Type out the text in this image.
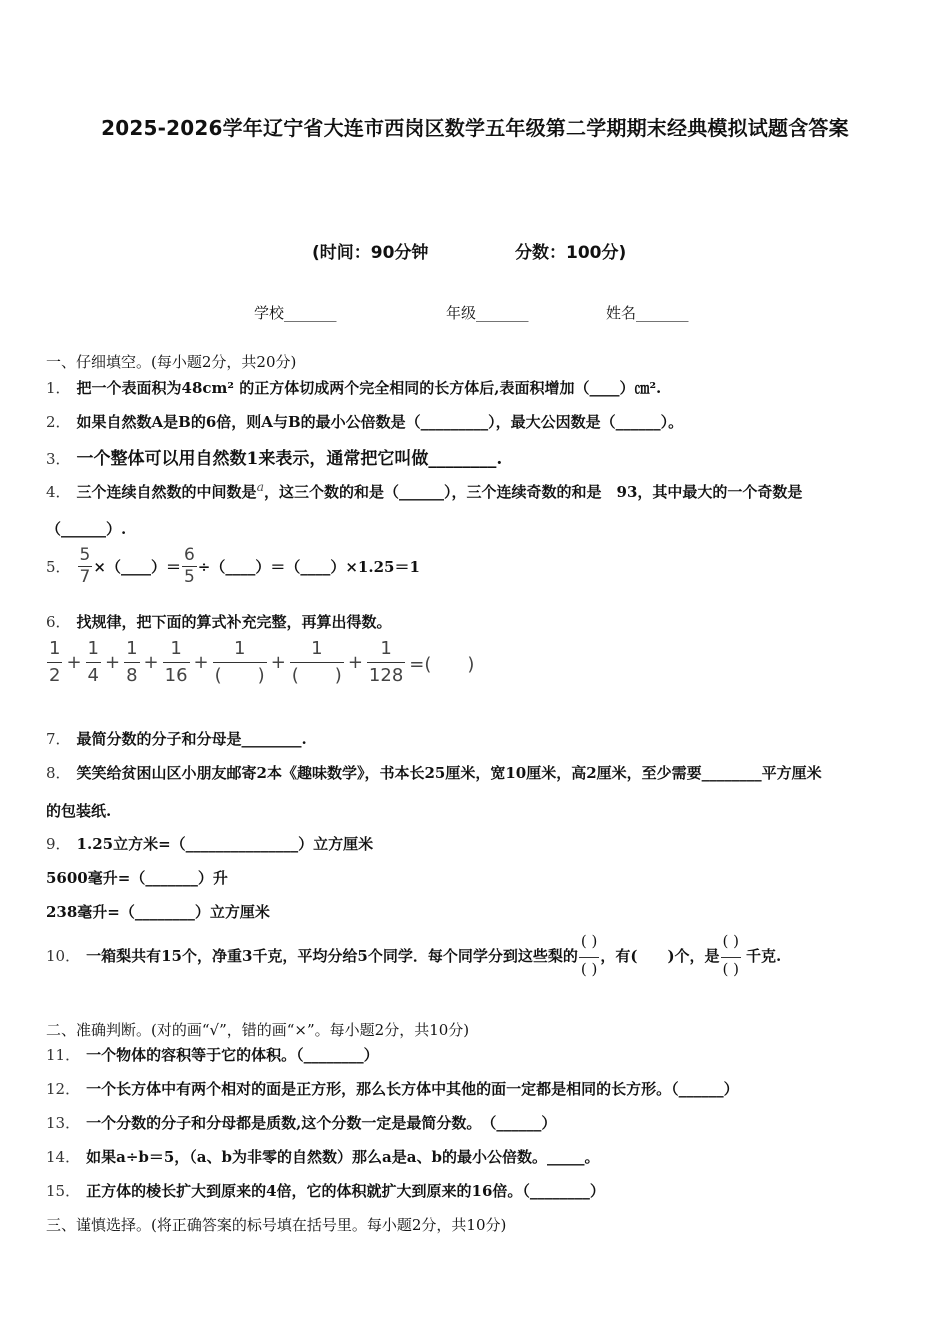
2025-2026学年辽宁省大连市西岗区数学五年级第二学期期末经典模拟试题含答案
(时间：90分钟	分数：100分)
学校_______	年级_______	姓名_______
一、仔细填空。(每小题2分，共20分)
1． 把一个表面积为48cm² 的正方体切成两个完全相同的长方体后,表面积增加（____）㎝².
2． 如果自然数A是B的6倍，则A与B的最小公倍数是（_________），最大公因数是（______）。
3． 一个整体可以用自然数1来表示，通常把它叫做________.
4． 三个连续自然数的中间数是$^a$，这三个数的和是（______），三个连续奇数的和是　93，其中最大的一个奇数是
（______）.
5． $\frac{5}{7}$ ×（____）＝ $\frac{6}{5}$ ÷（____）＝（____）×1.25＝1
6． 找规律，把下面的算式补充完整，再算出得数。
$\frac{1}{2} + \frac{1}{4} + \frac{1}{8} + \frac{1}{16} + \frac{1}{( )} + \frac{1}{( )} + \frac{1}{128}$ =(　　)
7． 最简分数的分子和分母是________.
8． 笑笑给贫困山区小朋友邮寄2本《趣味数学》，书本长25厘米，宽10厘米，高2厘米，至少需要________平方厘米
的包装纸.
9． 1.25立方米=（_______________）立方厘米
5600毫升=（_______）升
238毫升=（________）立方厘米
10． 一箱梨共有15个，净重3千克，平均分给5个同学．每个同学分到这些梨的 $\frac{( )}{( )}$ ，有(　　)个，是 $\frac{( )}{( )}$ 千克.
二、准确判断。(对的画“√”，错的画“×”。每小题2分，共10分)
11． 一个物体的容积等于它的体积。（________）
12． 一个长方体中有两个相对的面是正方形，那么长方体中其他的面一定都是相同的长方形。（______）
13． 一个分数的分子和分母都是质数,这个分数一定是最简分数。　（______）
14． 如果a÷b＝5，（a、b为非零的自然数）那么a是a、b的最小公倍数。_____。
15． 正方体的棱长扩大到原来的4倍，它的体积就扩大到原来的16倍。（________）
三、谨慎选择。(将正确答案的标号填在括号里。每小题2分，共10分)
